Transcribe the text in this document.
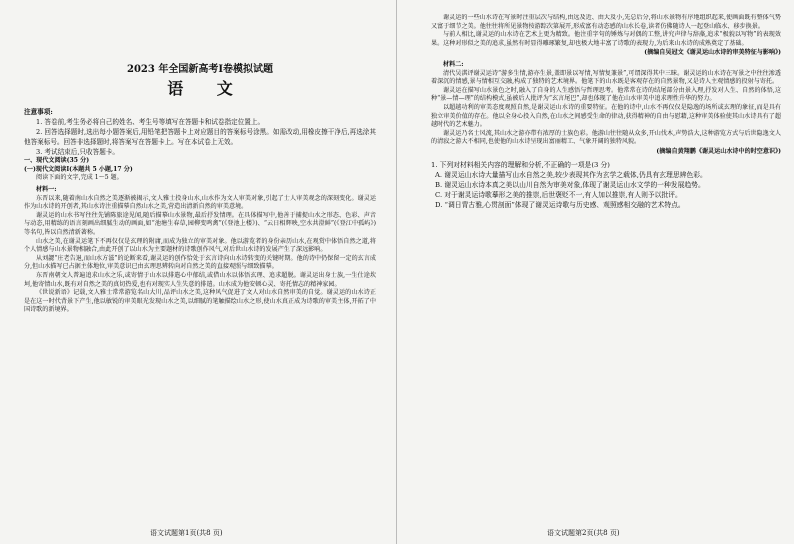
2023 年全国新高考Ⅰ卷模拟试题
语 文
注意事项:
1. 答卷前,考生务必将自己的姓名、考生号等填写在答题卡和试卷指定位置上。
2. 回答选择题时,选出每小题答案后,用铅笔把答题卡上对应题目的答案标号涂黑。如需改动,用橡皮擦干净后,再选涂其他答案标号。回答非选择题时,将答案写在答题卡上。写在本试卷上无效。
3. 考试结束后,只收答题卡。
一、现代文阅读(35 分)
(一)现代文阅读Ⅰ(本题共 5 小题,17 分)
阅读下面的文字,完成 1～5 题。
材料一:
东晋以来,随着南山水自然之美逐渐被揭示,文人雅士投身山水,山水作为文人审美对象,引起了士人审美观念的深刻变化。谢灵运作为山水诗的开创者,其山水诗注重描摹自然山水之美,营造出清新自然的审美意境。
谢灵运的山水书写往往先铺陈旅途见闻,随后描摹山水景物,最后抒发情理。在具体描写中,他善于捕捉山水之形态、色彩、声音与动态,用精练的语言刻画出细腻生动的画面,如“池塘生春草,园柳变鸣禽”(《登池上楼》)、“云日相辉映,空水共澄鲜”(《登江中孤屿》)等名句,皆以自然清新著称。
山水之美,在谢灵运笔下不再仅仅是玄理的附庸,而成为独立的审美对象。他以游览者的身份亲历山水,在观赏中体悟自然之道,将个人情感与山水景物相融合,由此开创了以山水为主要题材的诗歌创作风气,对后世山水诗的发展产生了深远影响。
从刘勰“庄老告退,而山水方滋”的论断来看,谢灵运的创作恰处于玄言诗向山水诗转变的关键时期。他的诗中仍保留一定的玄言成分,但山水描写已占据主体地位,审美意识已由玄理思辨转向对自然之美的直接观照与细致描摹。
东晋南朝文人普遍追求山水之乐,或寄情于山水以排遣心中郁结,或借山水以体悟玄理、追求超脱。谢灵运出身士族,一生仕途坎坷,他寄情山水,既有对自然之美的真切热爱,也有对现实人生失意的排遣。山水成为他安顿心灵、寄托情志的精神家园。
《世说新语》记载,文人雅士常常游览名山大川,品评山水之美,这种风气促进了文人对山水自然审美的自觉。谢灵运的山水诗正是在这一时代背景下产生,他以敏锐的审美眼光发现山水之美,以细腻的笔触描绘山水之形,使山水真正成为诗歌的审美主体,开拓了中国诗歌的新境界。
语文试题第1页(共8 页)
谢灵运的一些山水诗在写景时注重层次与结构,由远及近、由大及小,先总后分,将山水景物有序地组织起来,使画面既有整体气势又富于细节之美。他往往将所见景物按游踪次第展开,形成富有动态感的山水长卷,读者仿佛随诗人一起登山临水、移步换景。
与前人相比,谢灵运的山水诗在艺术上更为精致。他注重字句的锤炼与对偶的工整,讲究声律与辞藻,追求“极貌以写物”的表现效果。这种对形似之美的追求,虽然有时显得雕琢繁复,却也极大地丰富了诗歌的表现力,为后来山水诗的成熟奠定了基础。
(摘编自吴冠文《谢灵运山水诗的审美特征与影响》)
材料二:
清代吴淇评谢灵运诗“游多生情,游亦生景,盖即景以写情,写情复兼景”,可谓深得其中三昧。谢灵运的山水诗在写景之中往往渗透着深沉的情感,景与情相互交融,构成了独特的艺术境界。他笔下的山水既是客观存在的自然景物,又是诗人主观情感的投射与寄托。
谢灵运在描写山水景色之时,融入了自身的人生感悟与哲理思考。他常常在诗的结尾部分由景入理,抒发对人生、自然的体悟,这种“景—情—理”的结构模式,虽被后人批评为“玄言尾巴”,却也体现了他在山水审美中追求理性升华的努力。
以超越功利的审美态度观照自然,是谢灵运山水诗的重要特征。在他的诗中,山水不再仅仅是隐逸的场所或玄理的象征,而是具有独立审美价值的存在。他以全身心投入自然,在山水之间感受生命的律动,获得精神的自由与慰藉,这种审美体验使其山水诗具有了超越时代的艺术魅力。
谢灵运乃名士风流,其山水之游亦带有浓厚的士族色彩。他游山往往随从众多,开山伐木,声势浩大,这种游览方式与后世隐逸文人的清寂之游大不相同,也使他的山水诗呈现出富丽精工、气象开阔的独特风貌。
(摘编自黄翔鹏《谢灵运山水诗中的时空意识》)
1. 下列对材料相关内容的理解和分析,不正确的一项是(3 分)
A. 谢灵运山水诗大量描写山水自然之美,较少表现其作为玄学之载体,仍具有玄理思辨色彩。
B. 谢灵运山水诗本真之美以山川自然为审美对象,体现了谢灵运山水文学的一种发展趋势。
C. 对于谢灵运诗歌摹形之美的推崇,后世褒贬不一,有人加以推崇,有人则予以批评。
D. “调日胄古雅,心贯剖面”体现了谢灵运诗歌与历史感、观照感相交融的艺术特点。
语文试题第2页(共8 页)
